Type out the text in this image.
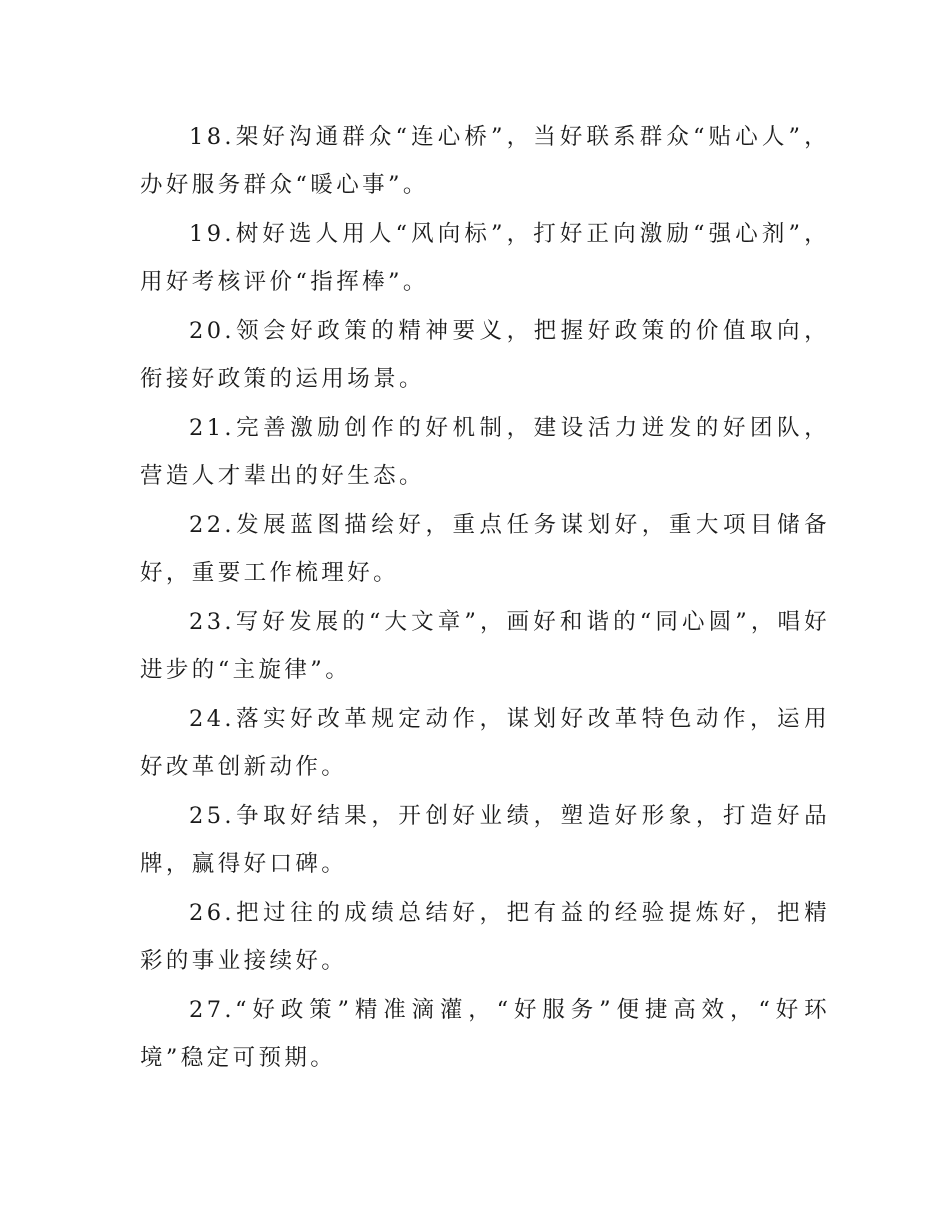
18.架好沟通群众“连心桥”，当好联系群众“贴心人”，办好服务群众“暖心事”。

19.树好选人用人“风向标”，打好正向激励“强心剂”，用好考核评价“指挥棒”。

20.领会好政策的精神要义，把握好政策的价值取向，衔接好政策的运用场景。

21.完善激励创作的好机制，建设活力迸发的好团队，营造人才辈出的好生态。

22.发展蓝图描绘好，重点任务谋划好，重大项目储备好，重要工作梳理好。

23.写好发展的“大文章”，画好和谐的“同心圆”，唱好进步的“主旋律”。

24.落实好改革规定动作，谋划好改革特色动作，运用好改革创新动作。

25.争取好结果，开创好业绩，塑造好形象，打造好品牌，赢得好口碑。

26.把过往的成绩总结好，把有益的经验提炼好，把精彩的事业接续好。

27.“好政策”精准滴灌，“好服务”便捷高效，“好环境”稳定可预期。
